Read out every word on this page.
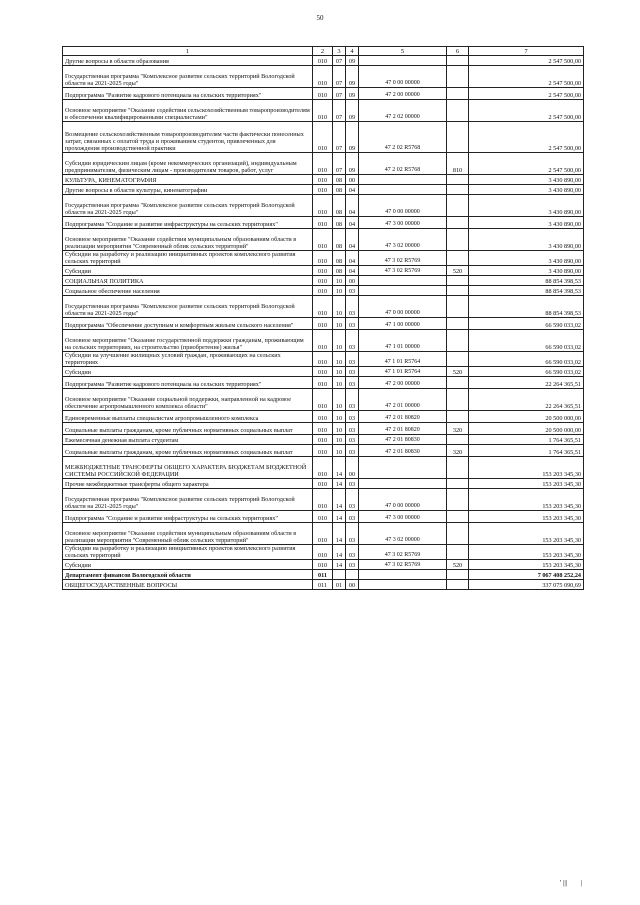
50
1	2	3	4	5	6	7
Другие вопросы в области образования	010	07	09			2 547 500,00
Государственная программа "Комплексное развитие сельских территорий Вологодской области на 2021-2025 годы"	010	07	09	47 0 00 00000		2 547 500,00
Подпрограмма "Развитие кадрового потенциала на сельских территориях"	010	07	09	47 2 00 00000		2 547 500,00
Основное мероприятие "Оказание содействия сельскохозяйственным товаропроизводителям в обеспечении квалифицированными специалистами"	010	07	09	47 2 02 00000		2 547 500,00
Возмещение сельскохозяйственным товаропроизводителям части фактически понесенных затрат, связанных с оплатой труда и проживанием студентов, привлеченных для прохождения производственной практики	010	07	09	47 2 02 R5768		2 547 500,00
Субсидии юридическим лицам (кроме некоммерческих организаций), индивидуальным предпринимателям, физическим лицам - производителям товаров, работ, услуг	010	07	09	47 2 02 R5768	810	2 547 500,00
КУЛЬТУРА, КИНЕМАТОГРАФИЯ	010	08	00			3 430 890,00
Другие вопросы в области культуры, кинематографии	010	08	04			3 430 890,00
Государственная программа "Комплексное развитие сельских территорий Вологодской области на 2021-2025 годы"	010	08	04	47 0 00 00000		3 430 890,00
Подпрограмма "Создание и развитие инфраструктуры на сельских территориях"	010	08	04	47 3 00 00000		3 430 890,00
Основное мероприятие "Оказание содействия муниципальным образованиям области в реализации мероприятия "Современный облик сельских территорий"	010	08	04	47 3 02 00000		3 430 890,00
Субсидии на разработку и реализацию инициативных проектов комплексного развития сельских территорий	010	08	04	47 3 02 R5769		3 430 890,00
Субсидии	010	08	04	47 3 02 R5769	520	3 430 890,00
СОЦИАЛЬНАЯ ПОЛИТИКА	010	10	00			88 854 398,53
Социальное обеспечение населения	010	10	03			88 854 398,53
Государственная программа "Комплексное развитие сельских территорий Вологодской области на 2021-2025 годы"	010	10	03	47 0 00 00000		88 854 398,53
Подпрограмма "Обеспечение доступным и комфортным жильем сельского населения"	010	10	03	47 1 00 00000		66 590 033,02
Основное мероприятие "Оказание государственной поддержки гражданам, проживающим на сельских территориях, на строительство (приобретение) жилья"	010	10	03	47 1 01 00000		66 590 033,02
Субсидии на улучшение жилищных условий граждан, проживающих на сельских территориях	010	10	03	47 1 01 R5764		66 590 033,02
Субсидии	010	10	03	47 1 01 R5764	520	66 590 033,02
Подпрограмма "Развитие кадрового потенциала на сельских территориях"	010	10	03	47 2 00 00000		22 264 365,51
Основное мероприятие "Оказание социальной поддержки, направленной на кадровое обеспечение агропромышленного комплекса области"	010	10	03	47 2 01 00000		22 264 365,51
Единовременные выплаты специалистам агропромышленного комплекса	010	10	03	47 2 01 80820		20 500 000,00
Социальные выплаты гражданам, кроме публичных нормативных социальных выплат	010	10	03	47 2 01 80820	320	20 500 000,00
Ежемесячная денежная выплата студентам	010	10	03	47 2 01 80830		1 764 365,51
Социальные выплаты гражданам, кроме публичных нормативных социальных выплат	010	10	03	47 2 01 80830	320	1 764 365,51
МЕЖБЮДЖЕТНЫЕ ТРАНСФЕРТЫ ОБЩЕГО ХАРАКТЕРА БЮДЖЕТАМ БЮДЖЕТНОЙ СИСТЕМЫ РОССИЙСКОЙ ФЕДЕРАЦИИ	010	14	00			153 203 345,30
Прочие межбюджетные трансферты общего характера	010	14	03			153 203 345,30
Государственная программа "Комплексное развитие сельских территорий Вологодской области на 2021-2025 годы"	010	14	03	47 0 00 00000		153 203 345,30
Подпрограмма "Создание и развитие инфраструктуры на сельских территориях"	010	14	03	47 3 00 00000		153 203 345,30
Основное мероприятие "Оказание содействия муниципальным образованиям области в реализации мероприятия "Современный облик сельских территорий"	010	14	03	47 3 02 00000		153 203 345,30
Субсидии на разработку и реализацию инициативных проектов комплексного развития сельских территорий	010	14	03	47 3 02 R5769		153 203 345,30
Субсидии	010	14	03	47 3 02 R5769	520	153 203 345,30
Департамент финансов Вологодской области	011					7 067 408 252,24
ОБЩЕГОСУДАРСТВЕННЫЕ ВОПРОСЫ	011	01	00			337 075 090,69
' ||| |
